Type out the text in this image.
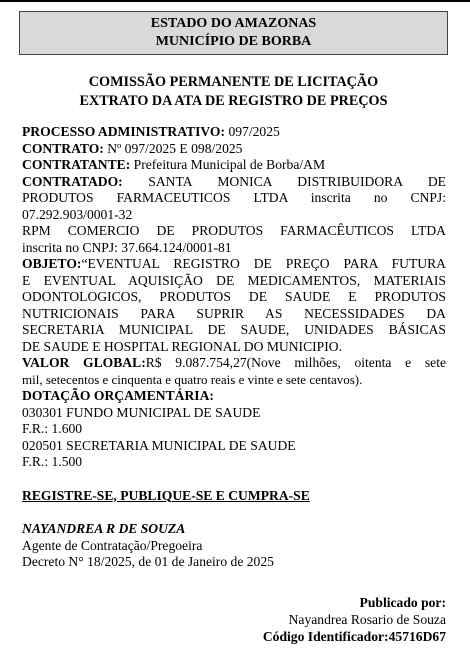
ESTADO DO AMAZONAS
MUNICÍPIO DE BORBA
COMISSÃO PERMANENTE DE LICITAÇÃO
EXTRATO DA ATA DE REGISTRO DE PREÇOS
PROCESSO ADMINISTRATIVO: 097/2025
CONTRATO: Nº 097/2025 E 098/2025
CONTRATANTE: Prefeitura Municipal de Borba/AM
CONTRATADO: SANTA MONICA DISTRIBUIDORA DE
PRODUTOS FARMACEUTICOS LTDA inscrita no CNPJ:
07.292.903/0001-32
RPM COMERCIO DE PRODUTOS FARMACÊUTICOS LTDA
inscrita no CNPJ: 37.664.124/0001-81
OBJETO:“EVENTUAL REGISTRO DE PREÇO PARA FUTURA
E EVENTUAL AQUISIÇÃO DE MEDICAMENTOS, MATERIAIS
ODONTOLOGICOS, PRODUTOS DE SAUDE E PRODUTOS
NUTRICIONAIS PARA SUPRIR AS NECESSIDADES DA
SECRETARIA MUNICIPAL DE SAUDE, UNIDADES BÁSICAS
DE SAUDE E HOSPITAL REGIONAL DO MUNICIPIO.
VALOR GLOBAL:R$ 9.087.754,27(Nove milhões, oitenta e sete
mil, setecentos e cinquenta e quatro reais e vinte e sete centavos).
DOTAÇÃO ORÇAMENTÁRIA:
030301 FUNDO MUNICIPAL DE SAUDE
F.R.: 1.600
020501 SECRETARIA MUNICIPAL DE SAUDE
F.R.: 1.500
REGISTRE-SE, PUBLIQUE-SE E CUMPRA-SE
NAYANDREA R DE SOUZA
Agente de Contratação/Pregoeira
Decreto N° 18/2025, de 01 de Janeiro de 2025
Publicado por:
Nayandrea Rosario de Souza
Código Identificador:45716D67
